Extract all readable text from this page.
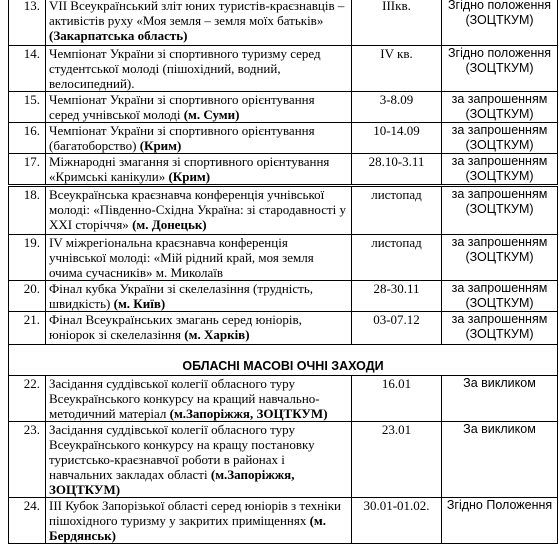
13.	VII Всеукраїнський зліт юних туристів-краєзнавців – активістів руху «Моя земля – земля моїх батьків» (Закарпатська область)	ІІІкв.	Згідно положення (ЗОЦТКУМ)
14.	Чемпіонат України зі спортивного туризму серед студентської молоді (пішохідний, водний, велосипедний).	IV кв.	Згідно положення (ЗОЦТКУМ)
15.	Чемпіонат України зі спортивного орієнтування серед учнівської молоді (м. Суми)	3-8.09	за запрошенням (ЗОЦТКУМ)
16.	Чемпіонат України зі спортивного орієнтування (багатоборство) (Крим)	10-14.09	за запрошенням (ЗОЦТКУМ)
17.	Міжнародні змагання зі спортивного орієнтування «Кримські канікули» (Крим)	28.10-3.11	за запрошенням (ЗОЦТКУМ)
18.	Всеукраїнська краєзнавча конференція учнівської молоді: «Південно-Східна Україна: зі стародавності у ХХІ сторіччя» (м. Донецьк)	листопад	за запрошенням (ЗОЦТКУМ)
19.	ІV міжрегіональна краєзнавча конференція учнівської молоді: «Мій рідний край, моя земля очима сучасників» м. Миколаїв	листопад	за запрошенням (ЗОЦТКУМ)
20.	Фінал кубка України зі скелелазіння (трудність, швидкість) (м. Київ)	28-30.11	за запрошенням (ЗОЦТКУМ)
21.	Фінал Всеукраїнських змагань серед юніорів, юніорок зі скелелазіння (м. Харків)	03-07.12	за запрошенням (ЗОЦТКУМ)
ОБЛАСНІ МАСОВІ ОЧНІ ЗАХОДИ			
22.	Засідання суддівської колегії обласного туру Всеукраїнського конкурсу на кращий навчально-методичний матеріал (м.Запоріжжя, ЗОЦТКУМ)	16.01	За викликом
23.	Засідання суддівської колегії обласного туру Всеукраїнського конкурсу на кращу постановку туристсько-краєзнавчої роботи в районах і навчальних закладах області (м.Запоріжжя, ЗОЦТКУМ)	23.01	За викликом
24.	ІІІ Кубок Запорізької області серед юніорів з техніки пішохідного туризму у закритих приміщеннях (м. Бердянськ)	30.01-01.02.	Згідно Положення
